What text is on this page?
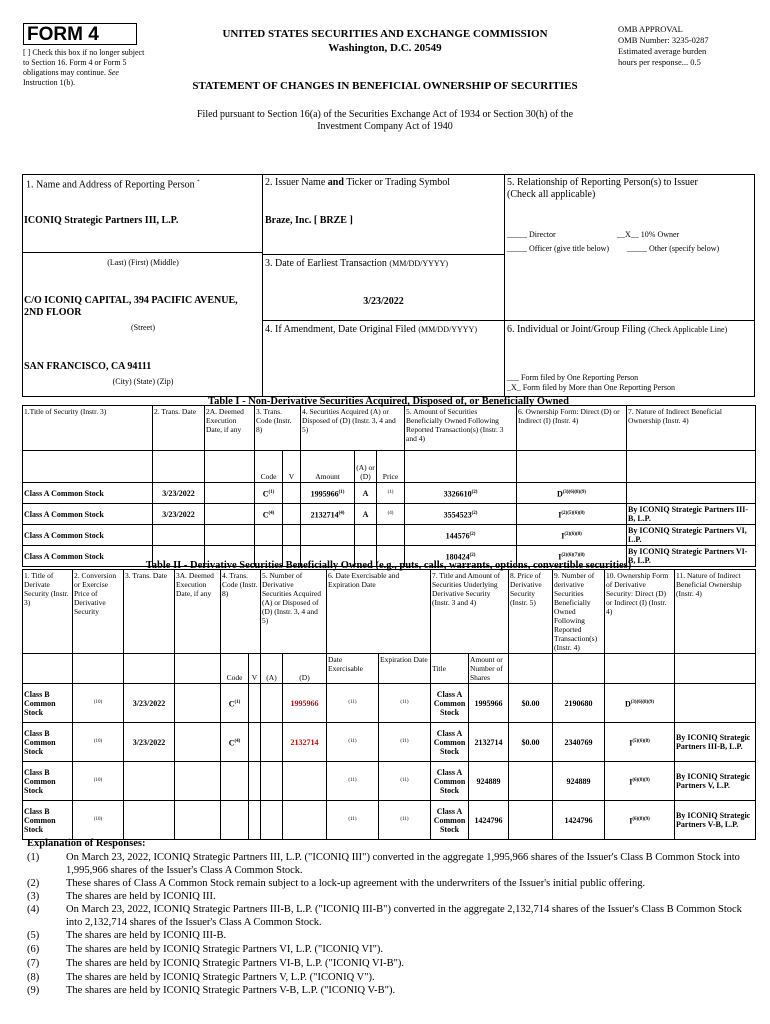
FORM 4
[ ] Check this box if no longer subject to Section 16. Form 4 or Form 5 obligations may continue. See Instruction 1(b).
UNITED STATES SECURITIES AND EXCHANGE COMMISSION
Washington, D.C. 20549
OMB APPROVAL
OMB Number: 3235-0287
Estimated average burden
hours per response... 0.5
STATEMENT OF CHANGES IN BENEFICIAL OWNERSHIP OF SECURITIES
Filed pursuant to Section 16(a) of the Securities Exchange Act of 1934 or Section 30(h) of the
Investment Company Act of 1940
1. Name and Address of Reporting Person *
ICONIQ Strategic Partners III, L.P.
(Last) (First) (Middle)
C/O ICONIQ CAPITAL, 394 PACIFIC AVENUE, 2ND FLOOR
(Street)
SAN FRANCISCO, CA 94111
(City) (State) (Zip)
2. Issuer Name and Ticker or Trading Symbol
Braze, Inc. [ BRZE ]
3. Date of Earliest Transaction (MM/DD/YYYY)
3/23/2022
4. If Amendment, Date Original Filed (MM/DD/YYYY)
5. Relationship of Reporting Person(s) to Issuer
(Check all applicable)
_____ Director	__X__ 10% Owner
_____ Officer (give title below) _____ Other (specify below)
6. Individual or Joint/Group Filing (Check Applicable Line)
___ Form filed by One Reporting Person
_X_ Form filed by More than One Reporting Person
Table I - Non-Derivative Securities Acquired, Disposed of, or Beneficially Owned
1.Title of Security (Instr. 3)	2. Trans. Date	2A. Deemed Execution Date, if any	3. Trans. Code (Instr. 8)		4. Securities Acquired (A) or Disposed of (D) (Instr. 3, 4 and 5)			5. Amount of Securities Beneficially Owned Following Reported Transaction(s) (Instr. 3 and 4)	6. Ownership Form: Direct (D) or Indirect (I) (Instr. 4)	7. Nature of Indirect Beneficial Ownership (Instr. 4)
			Code	V	Amount	(A) or (D)	Price			
Class A Common Stock	3/23/2022		$C^{(1)}$		1995966$^{(1)}$	A	$^{(1)}$	3326610$^{(2)}$	$D^{(3)(6)(8)(9)}$	
Class A Common Stock	3/23/2022		$C^{(4)}$		2132714$^{(4)}$	A	$^{(4)}$	3554523$^{(2)}$	$I^{(2)(5)(6)(8)}$	By ICONIQ Strategic Partners III-B, L.P.
Class A Common Stock								144576$^{(2)}$	$I^{(2)(6)(8)}$	By ICONIQ Strategic Partners VI, L.P.
Class A Common Stock								180424$^{(2)}$	$I^{(2)(6)(7)(8)}$	By ICONIQ Strategic Partners VI-B, L.P.
Table II - Derivative Securities Beneficially Owned (e.g., puts, calls, warrants, options, convertible securities)
1. Title of Derivate Security (Instr. 3)	2. Conversion or Exercise Price of Derivative Security	3. Trans. Date	3A. Deemed Execution Date, if any	4. Trans. Code (Instr. 8)		5. Number of Derivative Securities Acquired (A) or Disposed of (D) (Instr. 3, 4 and 5)		6. Date Exercisable and Expiration Date		7. Title and Amount of Securities Underlying Derivative Security (Instr. 3 and 4)		8. Price of Derivative Security (Instr. 5)	9. Number of derivative Securities Beneficially Owned Following Reported Transaction(s) (Instr. 4)	10. Ownership Form of Derivative Security: Direct (D) or Indirect (I) (Instr. 4)	11. Nature of Indirect Beneficial Ownership (Instr. 4)
				Code	V	(A)	(D)	Date Exercisable	Expiration Date	Title	Amount or Number of Shares				
Class B Common Stock	$^{(10)}$	3/23/2022		$C^{(1)}$			1995966	$^{(11)}$	$^{(11)}$	Class A Common Stock	1995966	$0.00	2190680	$D^{(3)(6)(8)(9)}$	
Class B Common Stock	$^{(10)}$	3/23/2022		$C^{(4)}$			2132714	$^{(11)}$	$^{(11)}$	Class A Common Stock	2132714	$0.00	2340769	$I^{(5)(6)(8)}$	By ICONIQ Strategic Partners III-B, L.P.
Class B Common Stock	$^{(10)}$							$^{(11)}$	$^{(11)}$	Class A Common Stock	924889		924889	$I^{(6)(8)(9)}$	By ICONIQ Strategic Partners V, L.P.
Class B Common Stock	$^{(10)}$							$^{(11)}$	$^{(11)}$	Class A Common Stock	1424796		1424796	$I^{(6)(8)(9)}$	By ICONIQ Strategic Partners V-B, L.P.
Explanation of Responses:
(1)	On March 23, 2022, ICONIQ Strategic Partners III, L.P. ("ICONIQ III") converted in the aggregate 1,995,966 shares of the Issuer's Class B Common Stock into 1,995,966 shares of the Issuer's Class A Common Stock.
(2)	These shares of Class A Common Stock remain subject to a lock-up agreement with the underwriters of the Issuer's initial public offering.
(3)	The shares are held by ICONIQ III.
(4)	On March 23, 2022, ICONIQ Strategic Partners III-B, L.P. ("ICONIQ III-B") converted in the aggregate 2,132,714 shares of the Issuer's Class B Common Stock into 2,132,714 shares of the Issuer's Class A Common Stock.
(5)	The shares are held by ICONIQ III-B.
(6)	The shares are held by ICONIQ Strategic Partners VI, L.P. ("ICONIQ VI").
(7)	The shares are held by ICONIQ Strategic Partners VI-B, L.P. ("ICONIQ VI-B").
(8)	The shares are held by ICONIQ Strategic Partners V, L.P. ("ICONIQ V").
(9)	The shares are held by ICONIQ Strategic Partners V-B, L.P. ("ICONIQ V-B").
